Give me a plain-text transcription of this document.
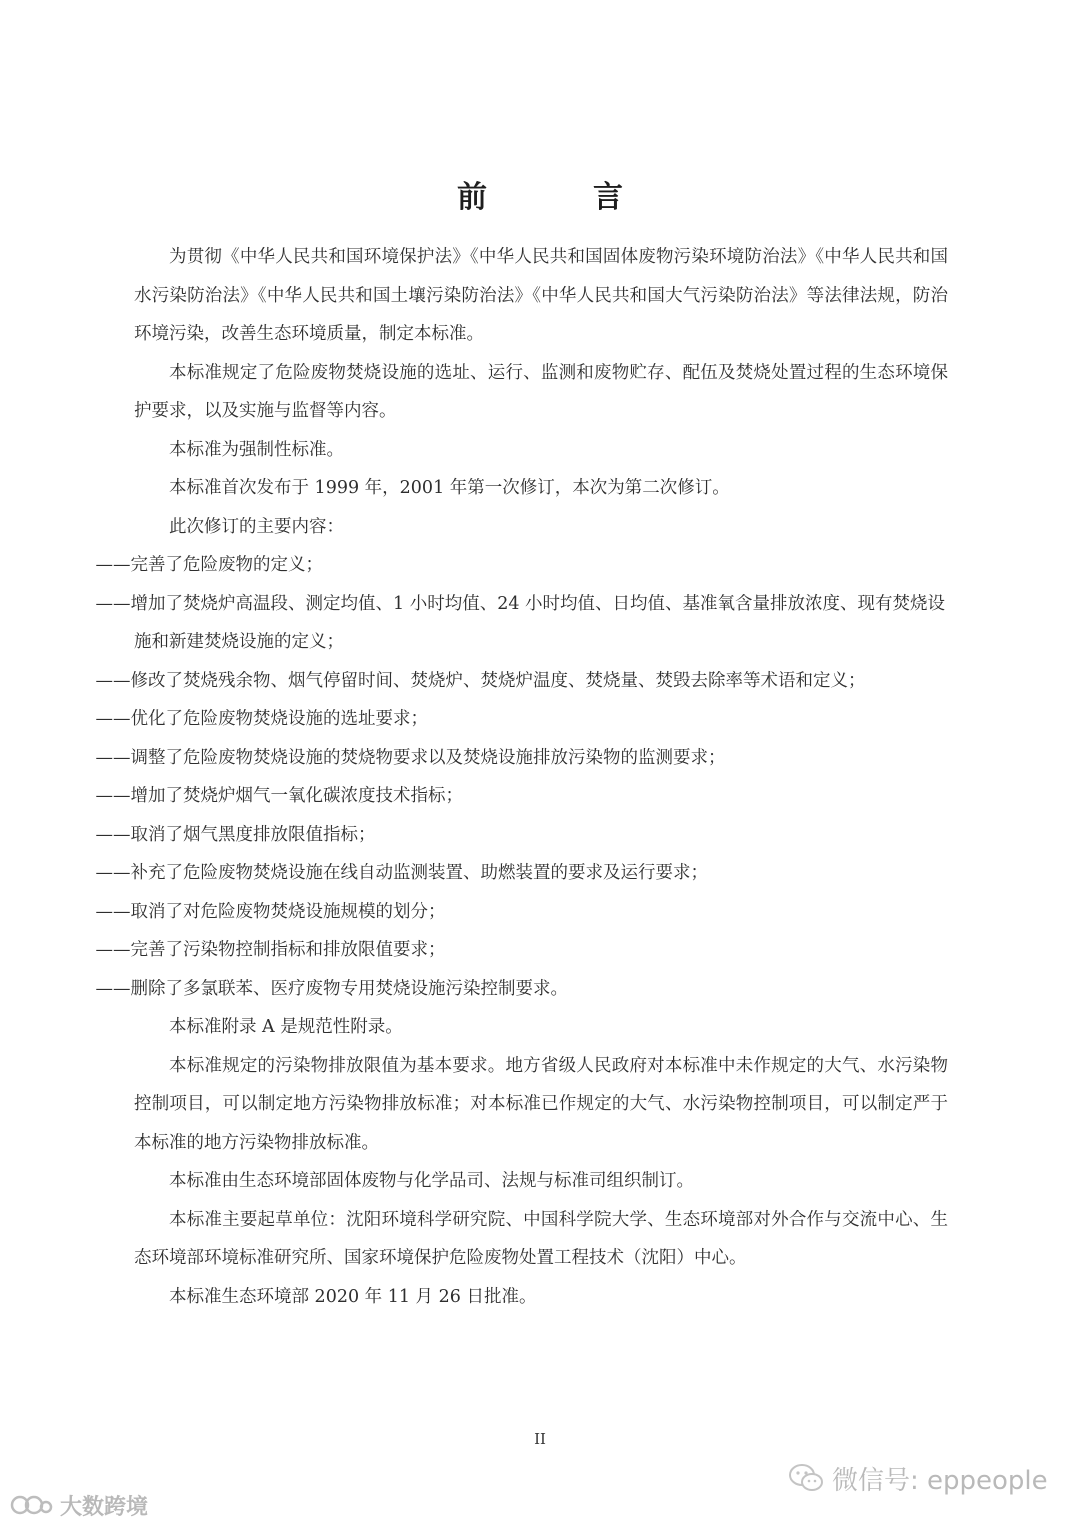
前　言

为贯彻《中华人民共和国环境保护法》《中华人民共和国固体废物污染环境防治法》《中华人民共和国水污染防治法》《中华人民共和国土壤污染防治法》《中华人民共和国大气污染防治法》等法律法规，防治环境污染，改善生态环境质量，制定本标准。

本标准规定了危险废物焚烧设施的选址、运行、监测和废物贮存、配伍及焚烧处置过程的生态环境保护要求，以及实施与监督等内容。

本标准为强制性标准。

本标准首次发布于 1999 年，2001 年第一次修订，本次为第二次修订。

此次修订的主要内容：

——完善了危险废物的定义；

——增加了焚烧炉高温段、测定均值、1 小时均值、24 小时均值、日均值、基准氧含量排放浓度、现有焚烧设施和新建焚烧设施的定义；

——修改了焚烧残余物、烟气停留时间、焚烧炉、焚烧炉温度、焚烧量、焚毁去除率等术语和定义；

——优化了危险废物焚烧设施的选址要求；

——调整了危险废物焚烧设施的焚烧物要求以及焚烧设施排放污染物的监测要求；

——增加了焚烧炉烟气一氧化碳浓度技术指标；

——取消了烟气黑度排放限值指标；

——补充了危险废物焚烧设施在线自动监测装置、助燃装置的要求及运行要求；

——取消了对危险废物焚烧设施规模的划分；

——完善了污染物控制指标和排放限值要求；

——删除了多氯联苯、医疗废物专用焚烧设施污染控制要求。

本标准附录 A 是规范性附录。

本标准规定的污染物排放限值为基本要求。地方省级人民政府对本标准中未作规定的大气、水污染物控制项目，可以制定地方污染物排放标准；对本标准已作规定的大气、水污染物控制项目，可以制定严于本标准的地方污染物排放标准。

本标准由生态环境部固体废物与化学品司、法规与标准司组织制订。

本标准主要起草单位：沈阳环境科学研究院、中国科学院大学、生态环境部对外合作与交流中心、生态环境部环境标准研究所、国家环境保护危险废物处置工程技术（沈阳）中心。

本标准生态环境部 2020 年 11 月 26 日批准。

II
微信号: eppeople
大数跨境
